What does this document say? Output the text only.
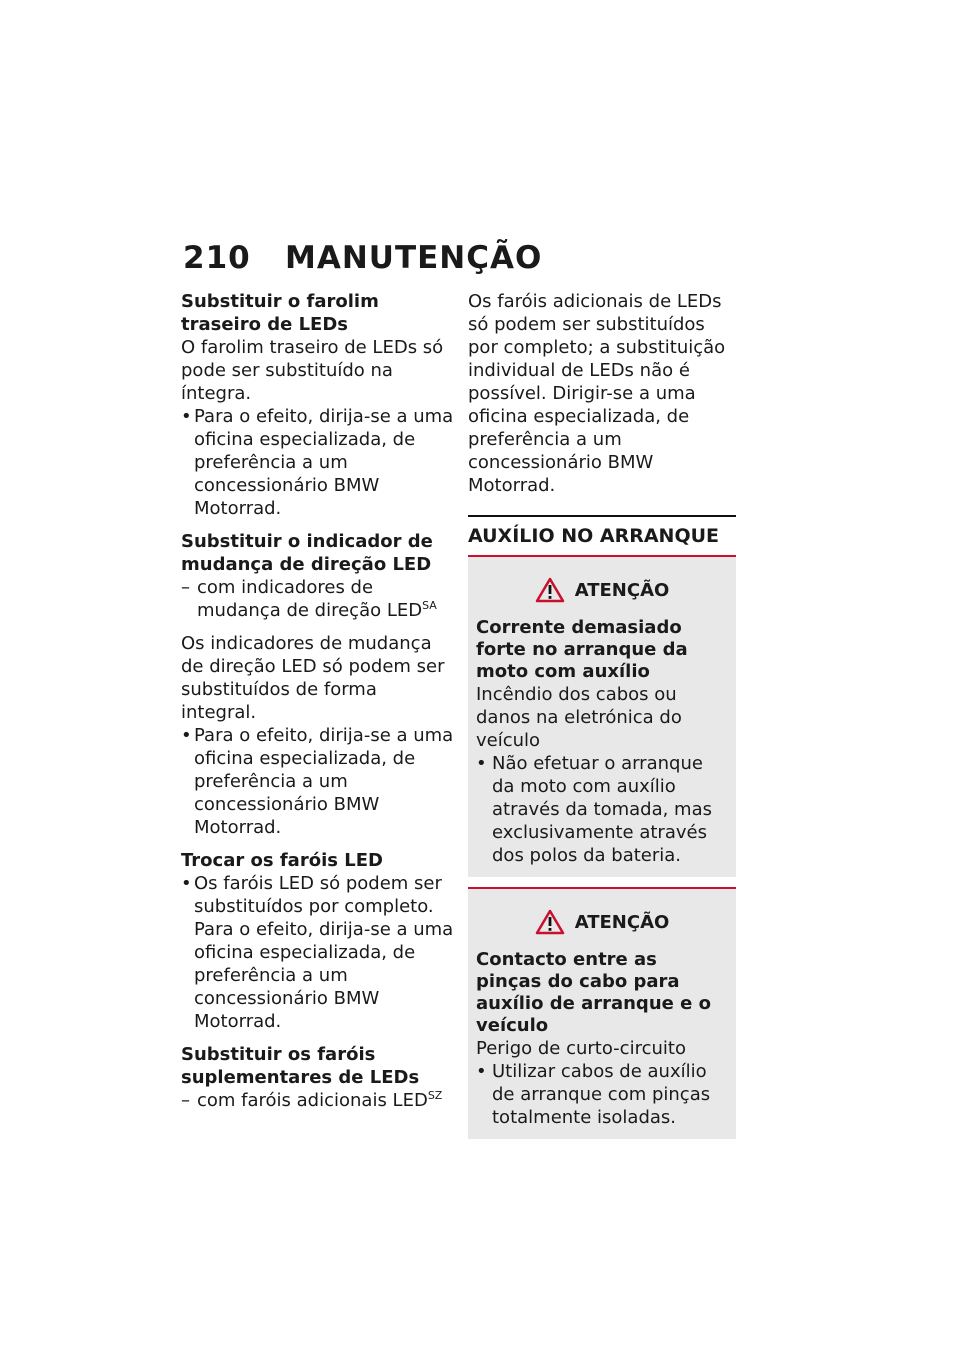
210 MANUTENÇÃO

Substituir o farolim traseiro de LEDs

O farolim traseiro de LEDs só pode ser substituído na íntegra.

• Para o efeito, dirija-se a uma oficina especializada, de preferência a um concessionário BMW Motorrad.

Substituir o indicador de mudança de direção LED

– com indicadores de mudança de direção $LED^{SA}$

Os indicadores de mudança de direção LED só podem ser substituídos de forma integral.

• Para o efeito, dirija-se a uma oficina especializada, de preferência a um concessionário BMW Motorrad.

Trocar os faróis LED

• Os faróis LED só podem ser substituídos por completo. Para o efeito, dirija-se a uma oficina especializada, de preferência a um concessionário BMW Motorrad.

Substituir os faróis suplementares de LEDs

– com faróis adicionais $LED^{SZ}$

Os faróis adicionais de LEDs só podem ser substituídos por completo; a substituição individual de LEDs não é possível. Dirigir-se a uma oficina especializada, de preferência a um concessionário BMW Motorrad.

AUXÍLIO NO ARRANQUE
ATENÇÃO

Corrente demasiado forte no arranque da moto com auxílio

Incêndio dos cabos ou danos na eletrónica do veículo

• Não efetuar o arranque da moto com auxílio através da tomada, mas exclusivamente através dos polos da bateria.

ATENÇÃO

Contacto entre as pinças do cabo para auxílio de arranque e o veículo

Perigo de curto-circuito

• Utilizar cabos de auxílio de arranque com pinças totalmente isoladas.
